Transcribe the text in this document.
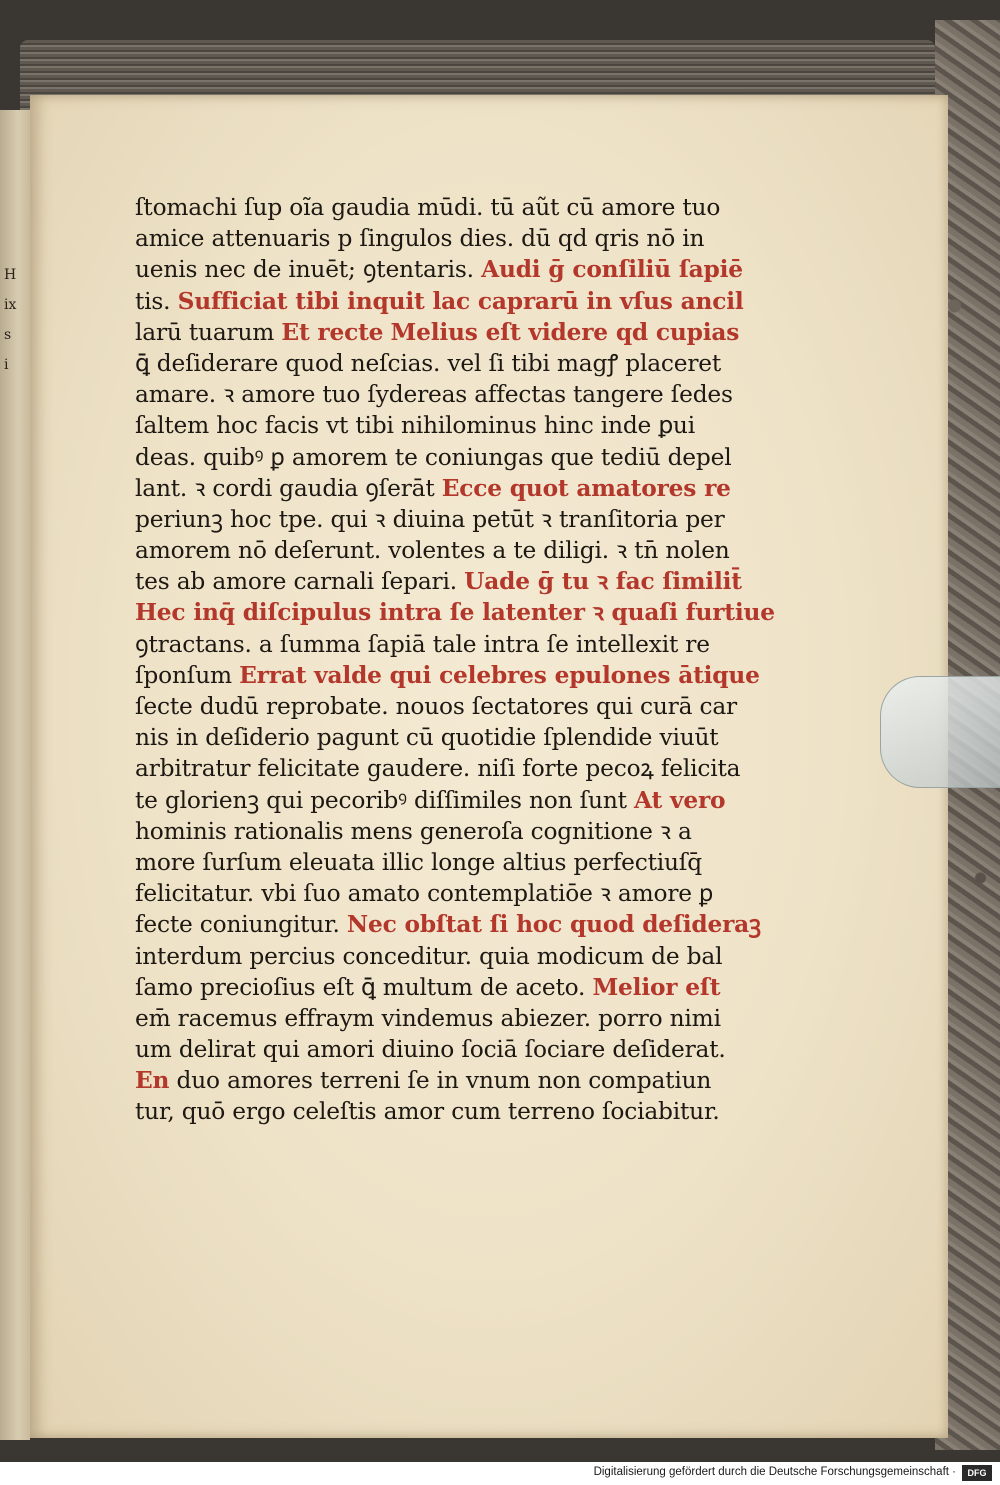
H
ix
s
i
ſtomachi ſup oĩa gaudia mūdi. tū aũt cū amore tuo
amice attenuaris p ſingulos dies. dū qd qris nō in
uenis nec de inuēt; ꝯtentaris. Audi ḡ conſiliū ſapiē
tis. Sufficiat tibi inquit lac caprarū in vſus ancil
larū tuarum Et recte Melius eſt videre qd cupias
ꝗ̄ deſiderare quod neſcias. vel ſi tibi magꝭ placeret
amare. ꝛ amore tuo ſydereas affectas tangere ſedes
ſaltem hoc facis vt tibi nihilominus hinc inde ꝑui
deas. quibꝰ ꝑ amorem te coniungas que tediū depel
lant. ꝛ cordi gaudia ꝯſerāt Ecce quot amatores re
periunꝫ hoc tpe. qui ꝛ diuina petūt ꝛ tranſitoria per
amorem nō deſerunt. volentes a te diligi. ꝛ tn̄ nolen
tes ab amore carnali ſepari. Uade ḡ tu ꝛ fac ſimilit̄
Hec inq̄ diſcipulus intra ſe latenter ꝛ quaſi furtiue
ꝯtractans. a ſumma ſapiā tale intra ſe intellexit re
ſponſum Errat valde qui celebres epulones ātique
ſecte dudū reprobate. nouos ſectatores qui curā car
nis in deſiderio pagunt cū quotidie ſplendide viuūt
arbitratur felicitate gaudere. niſi forte pecoꝝ felicita
te glorienꝫ qui pecoribꝰ diſſimiles non ſunt At vero
hominis rationalis mens generoſa cognitione ꝛ a
more ſurſum eleuata illic longe altius perfectiuſq̄
felicitatur. vbi ſuo amato contemplatiōe ꝛ amore ꝑ
fecte coniungitur. Nec obſtat ſi hoc quod deſideraꝫ
interdum percius conceditur. quia modicum de bal
ſamo precioſius eſt ꝗ̄ multum de aceto. Melior eſt
em̄ racemus effraym vindemus abiezer. porro nimi
um delirat qui amori diuino ſociā ſociare deſiderat.
En duo amores terreni ſe in vnum non compatiun
tur, quō ergo celeſtis amor cum terreno ſociabitur.
Digitalisierung gefördert durch die Deutsche Forschungsgemeinschaft ·	DFG
